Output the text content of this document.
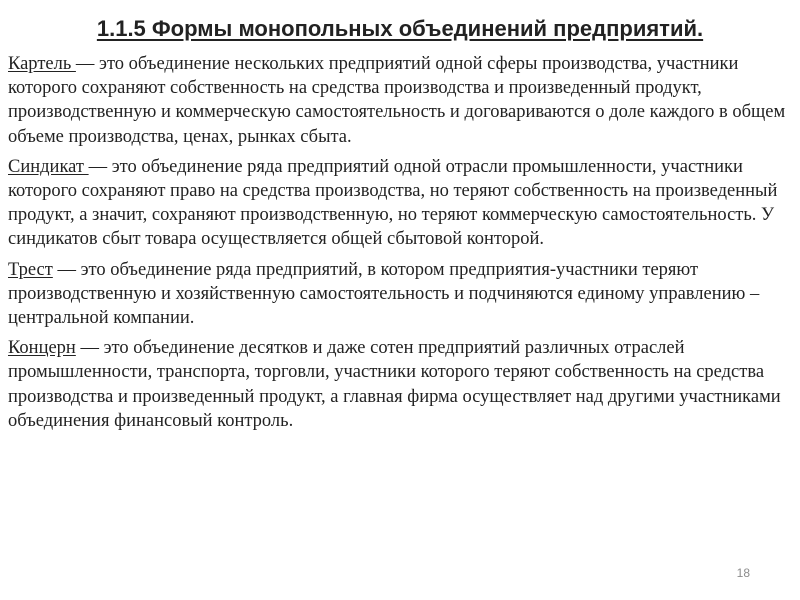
1.1.5 Формы монопольных объединений предприятий.

Картель — это объединение нескольких предприятий одной сферы производства, участники которого сохраняют собственность на средства производства и произведенный продукт, производственную и коммерческую самостоятельность и договариваются о доле каждого в общем объеме производства, ценах, рынках сбыта.

Синдикат — это объединение ряда предприятий одной отрасли промышленности, участники которого сохраняют право на средства производства, но теряют собственность на произведенный продукт, а значит, сохраняют производственную, но теряют коммерческую самостоятельность. У синдикатов сбыт товара осуществляется общей сбытовой конторой.

Трест — это объединение ряда предприятий, в котором предприятия-участники теряют производственную и хозяйственную самостоятельность и подчиняются единому управлению – центральной компании.

Концерн — это объединение десятков и даже сотен предприятий различных отраслей промышленности, транспорта, торговли, участники которого теряют собственность на средства производства и произведенный продукт, а главная фирма осуществляет над другими участниками объединения финансовый контроль.

18
